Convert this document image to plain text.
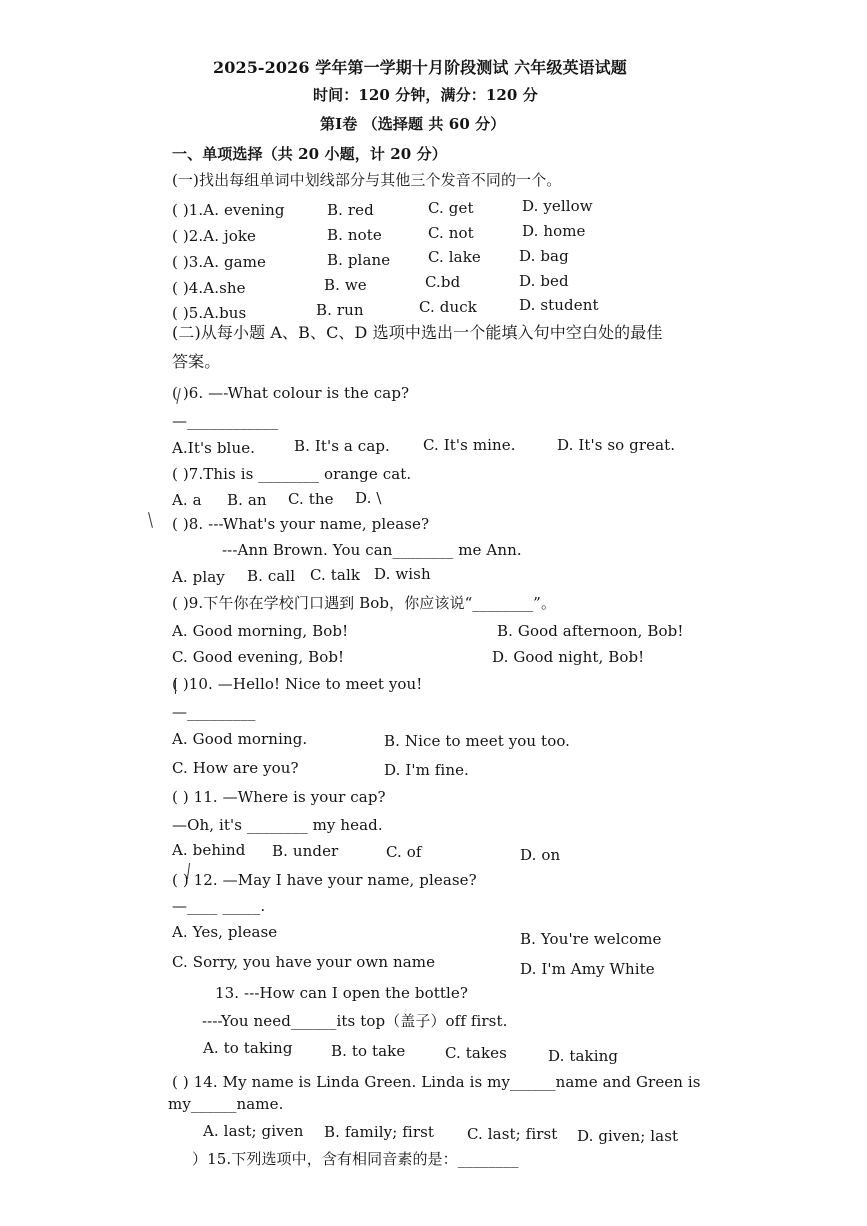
2025-2026 学年第一学期十月阶段测试 六年级英语试题
时间：120 分钟，满分：120 分
第Ⅰ卷 （选择题 共 60 分）
一、单项选择（共 20 小题，计 20 分）
(一)找出每组单词中划线部分与其他三个发音不同的一个。
( )1.A. evening	B. red	C. get	D. yellow
( )2.A. joke	B. note	C. not	D. home
( )3.A. game	B. plane	C. lake	D. bag
( )4.A.she	B. we	C.bd	D. bed
( )5.A.bus	B. run	C. duck	D. student
(二)从每小题 A、B、C、D 选项中选出一个能填入句中空白处的最佳
答案。
( )6. —-What colour is the cap?
—____________
A.It's blue.	B. It's a cap. C. It's mine.	D. It's so great.
( )7.This is ________ orange cat.
A. a B. an C. the D. \
( )8. ---What's your name, please?
---Ann Brown. You can________ me Ann.
A. play B. call C. talk D. wish
( )9.下午你在学校门口遇到 Bob，你应该说“________”。
A. Good morning, Bob!	B. Good afternoon, Bob!
C. Good evening, Bob!	D. Good night, Bob!
( )10. —Hello! Nice to meet you!
—_________
A. Good morning.	B. Nice to meet you too.
C. How are you?	D. I'm fine.
( ) 11. —Where is your cap?
—Oh, it's ________ my head.
A. behind B. under	C. of	D. on
( ) 12. —May I have your name, please?
—____ _____.
A. Yes, please	B. You're welcome
C. Sorry, you have your own name	D. I'm Amy White
13. ---How can I open the bottle?
----You need______its top（盖子）off first.
A. to taking	B. to take	C. takes	D. taking
( ) 14. My name is Linda Green. Linda is my______name and Green is
my______name.
A. last; given B. family; first C. last; first D. given; last
）15.下列选项中，含有相同音素的是：________
